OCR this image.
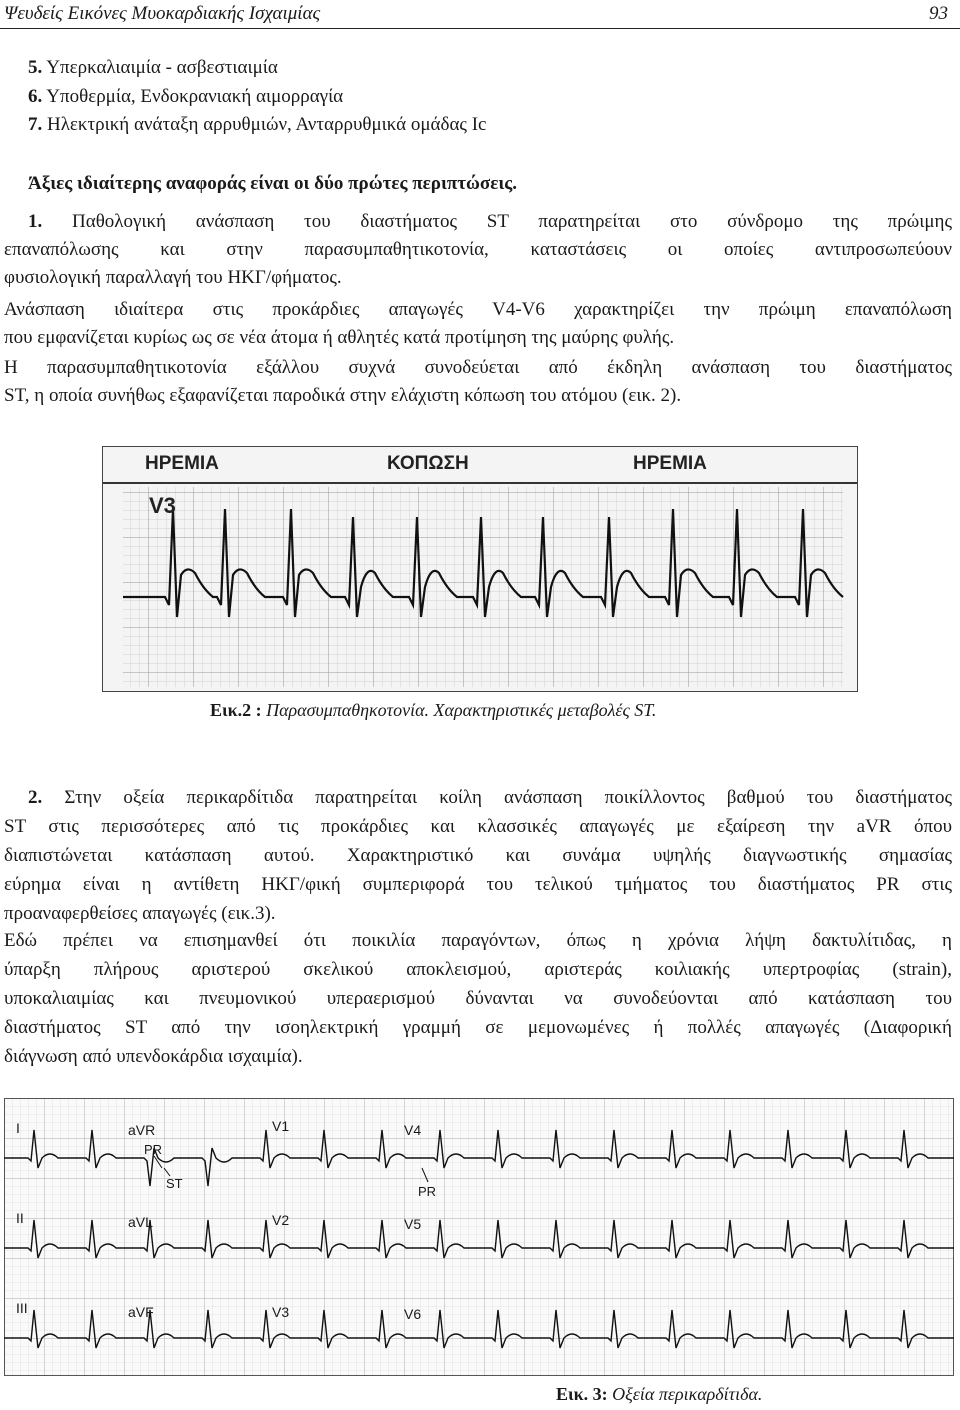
Ψευδείς Εικόνες Μυοκαρδιακής Ισχαιμίας	93
5. Υπερκαλιαιμία - ασβεστιαιμία
6. Υποθερμία, Ενδοκρανιακή αιμορραγία
7. Ηλεκτρική ανάταξη αρρυθμιών, Ανταρρυθμικά ομάδας Ic
Άξιες ιδιαίτερης αναφοράς είναι οι δύο πρώτες περιπτώσεις.
1. Παθολογική ανάσπαση του διαστήματος ST παρατηρείται στο σύνδρομο της πρώιμης
επαναπόλωσης και στην παρασυμπαθητικοτονία, καταστάσεις οι οποίες αντιπροσωπεύουν
φυσιολογική παραλλαγή του ΗΚΓ/φήματος.
Ανάσπαση ιδιαίτερα στις προκάρδιες απαγωγές V4-V6 χαρακτηρίζει την πρώιμη επαναπόλωση
που εμφανίζεται κυρίως ως σε νέα άτομα ή αθλητές κατά προτίμηση της μαύρης φυλής.
Η παρασυμπαθητικοτονία εξάλλου συχνά συνοδεύεται από έκδηλη ανάσπαση του διαστήματος
ST, η οποία συνήθως εξαφανίζεται παροδικά στην ελάχιστη κόπωση του ατόμου (εικ. 2).
ΗΡΕΜΙΑ	ΚΟΠΩΣΗ	ΗΡΕΜΙΑ
V3
Εικ.2 : Παρασυμπαθηκοτονία. Χαρακτηριστικές μεταβολές ST.
2. Στην οξεία περικαρδίτιδα παρατηρείται κοίλη ανάσπαση ποικίλλοντος βαθμού του διαστήματος
ST στις περισσότερες από τις προκάρδιες και κλασσικές απαγωγές με εξαίρεση την aVR όπου
διαπιστώνεται κατάσπαση αυτού. Χαρακτηριστικό και συνάμα υψηλής διαγνωστικής σημασίας
εύρημα είναι η αντίθετη ΗΚΓ/φική συμπεριφορά του τελικού τμήματος του διαστήματος PR στις
προαναφερθείσες απαγωγές (εικ.3).
Εδώ πρέπει να επισημανθεί ότι ποικιλία παραγόντων, όπως η χρόνια λήψη δακτυλίτιδας, η
ύπαρξη πλήρους αριστερού σκελικού αποκλεισμού, αριστεράς κοιλιακής υπερτροφίας (strain),
υποκαλιαιμίας και πνευμονικού υπεραερισμού δύνανται να συνοδεύονται από κατάσπαση του
διαστήματος ST από την ισοηλεκτρική γραμμή σε μεμονωμένες ή πολλές απαγωγές (Διαφορική
διάγνωση από υπενδοκάρδια ισχαιμία).
I	aVR	V1	V4
II	aVL	V2	V5
III	aVF	V3	V6
PR
ST
PR
Εικ. 3: Οξεία περικαρδίτιδα.
